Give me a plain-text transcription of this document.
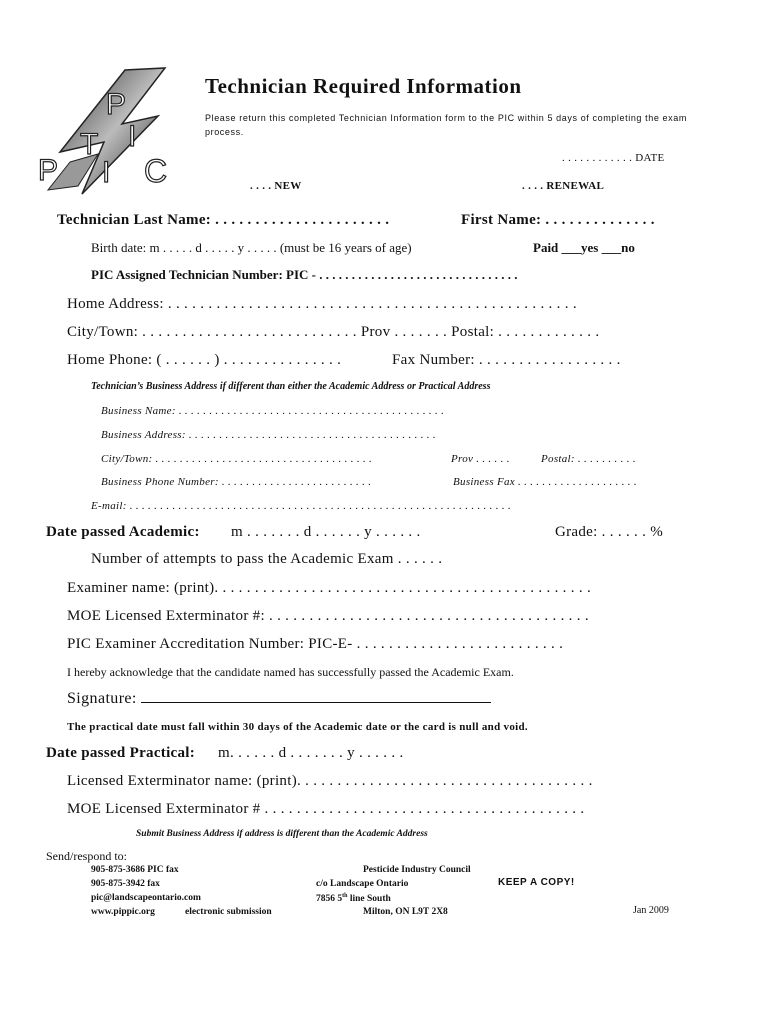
P
T I
P I C
Technician Required Information
Please return this completed Technician Information form to the PIC within 5 days of completing the exam process.
. . . . . . . . . . . . DATE
. . . . NEW	. . . . RENEWAL
Technician Last Name: . . . . . . . . . . . . . . . . . . . . . .	First Name: . . . . . . . . . . . . . .
Birth date: m . . . . . d . . . . . y . . . . . (must be 16 years of age)	Paid ___yes ___no
PIC Assigned Technician Number: PIC - . . . . . . . . . . . . . . . . . . . . . . . . . . . . . . .
Home Address: . . . . . . . . . . . . . . . . . . . . . . . . . . . . . . . . . . . . . . . . . . . . . . . . . . .
City/Town: . . . . . . . . . . . . . . . . . . . . . . . . . . . Prov . . . . . . . Postal: . . . . . . . . . . . . .
Home Phone: ( . . . . . . ) . . . . . . . . . . . . . . .	Fax Number: . . . . . . . . . . . . . . . . . .
Technician’s Business Address if different than either the Academic Address or Practical Address
Business Name: . . . . . . . . . . . . . . . . . . . . . . . . . . . . . . . . . . . . . . . . . . . .
Business Address: . . . . . . . . . . . . . . . . . . . . . . . . . . . . . . . . . . . . . . . . .
City/Town: . . . . . . . . . . . . . . . . . . . . . . . . . . . . . . . . . . . .	Prov . . . . . .	Postal: . . . . . . . . . .
Business Phone Number: . . . . . . . . . . . . . . . . . . . . . . . . .	Business Fax . . . . . . . . . . . . . . . . . . . .
E-mail: . . . . . . . . . . . . . . . . . . . . . . . . . . . . . . . . . . . . . . . . . . . . . . . . . . . . . . . . . . . . . . .
Date passed Academic: m . . . . . . . d . . . . . . y . . . . . .	Grade: . . . . . . %
Number of attempts to pass the Academic Exam . . . . . .
Examiner name: (print). . . . . . . . . . . . . . . . . . . . . . . . . . . . . . . . . . . . . . . . . . . . . . .
MOE Licensed Exterminator #: . . . . . . . . . . . . . . . . . . . . . . . . . . . . . . . . . . . . . . . .
PIC Examiner Accreditation Number: PIC-E- . . . . . . . . . . . . . . . . . . . . . . . . . .
I hereby acknowledge that the candidate named has successfully passed the Academic Exam.
Signature:
The practical date must fall within 30 days of the Academic date or the card is null and void.
Date passed Practical: m. . . . . . d . . . . . . . y . . . . . .
Licensed Exterminator name: (print). . . . . . . . . . . . . . . . . . . . . . . . . . . . . . . . . . . . .
MOE Licensed Exterminator # . . . . . . . . . . . . . . . . . . . . . . . . . . . . . . . . . . . . . . . .
Submit Business Address if address is different than the Academic Address
Send/respond to:
905-875-3686 PIC fax
905-875-3942 fax
pic@landscapeontario.com
www.pippic.org	electronic submission
Pesticide Industry Council
c/o Landscape Ontario
7856 5th line South
Milton, ON L9T 2X8
KEEP A COPY!
Jan 2009
